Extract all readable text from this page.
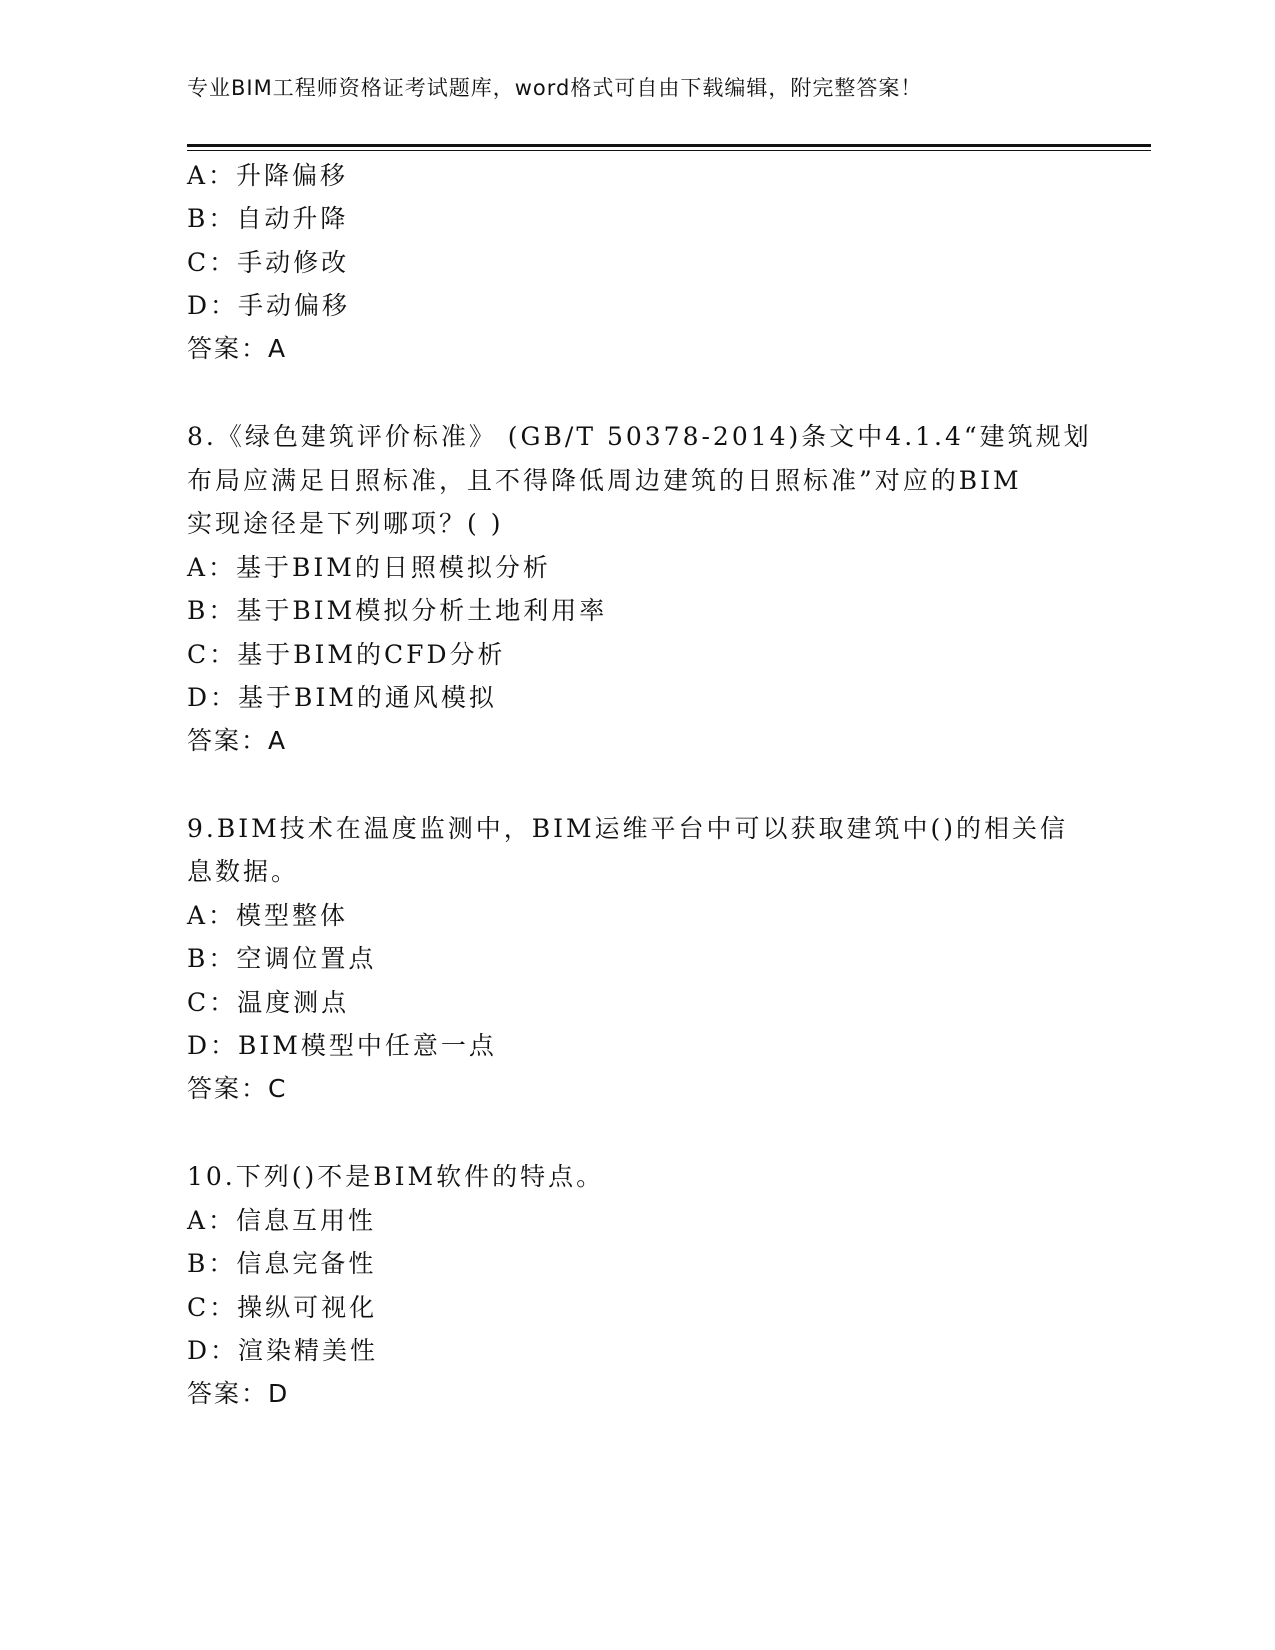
专业BIM工程师资格证考试题库，word格式可自由下载编辑，附完整答案！
A：升降偏移
B：自动升降
C：手动修改
D：手动偏移
答案：A
8.《绿色建筑评价标准》 (GB/T 50378-2014)条文中4.1.4“建筑规划
布局应满足日照标准，且不得降低周边建筑的日照标准”对应的BIM
实现途径是下列哪项？( )
A：基于BIM的日照模拟分析
B：基于BIM模拟分析土地利用率
C：基于BIM的CFD分析
D：基于BIM的通风模拟
答案：A
9.BIM技术在温度监测中，BIM运维平台中可以获取建筑中()的相关信
息数据。
A：模型整体
B：空调位置点
C：温度测点
D：BIM模型中任意一点
答案：C
10.下列()不是BIM软件的特点。
A：信息互用性
B：信息完备性
C：操纵可视化
D：渲染精美性
答案：D
